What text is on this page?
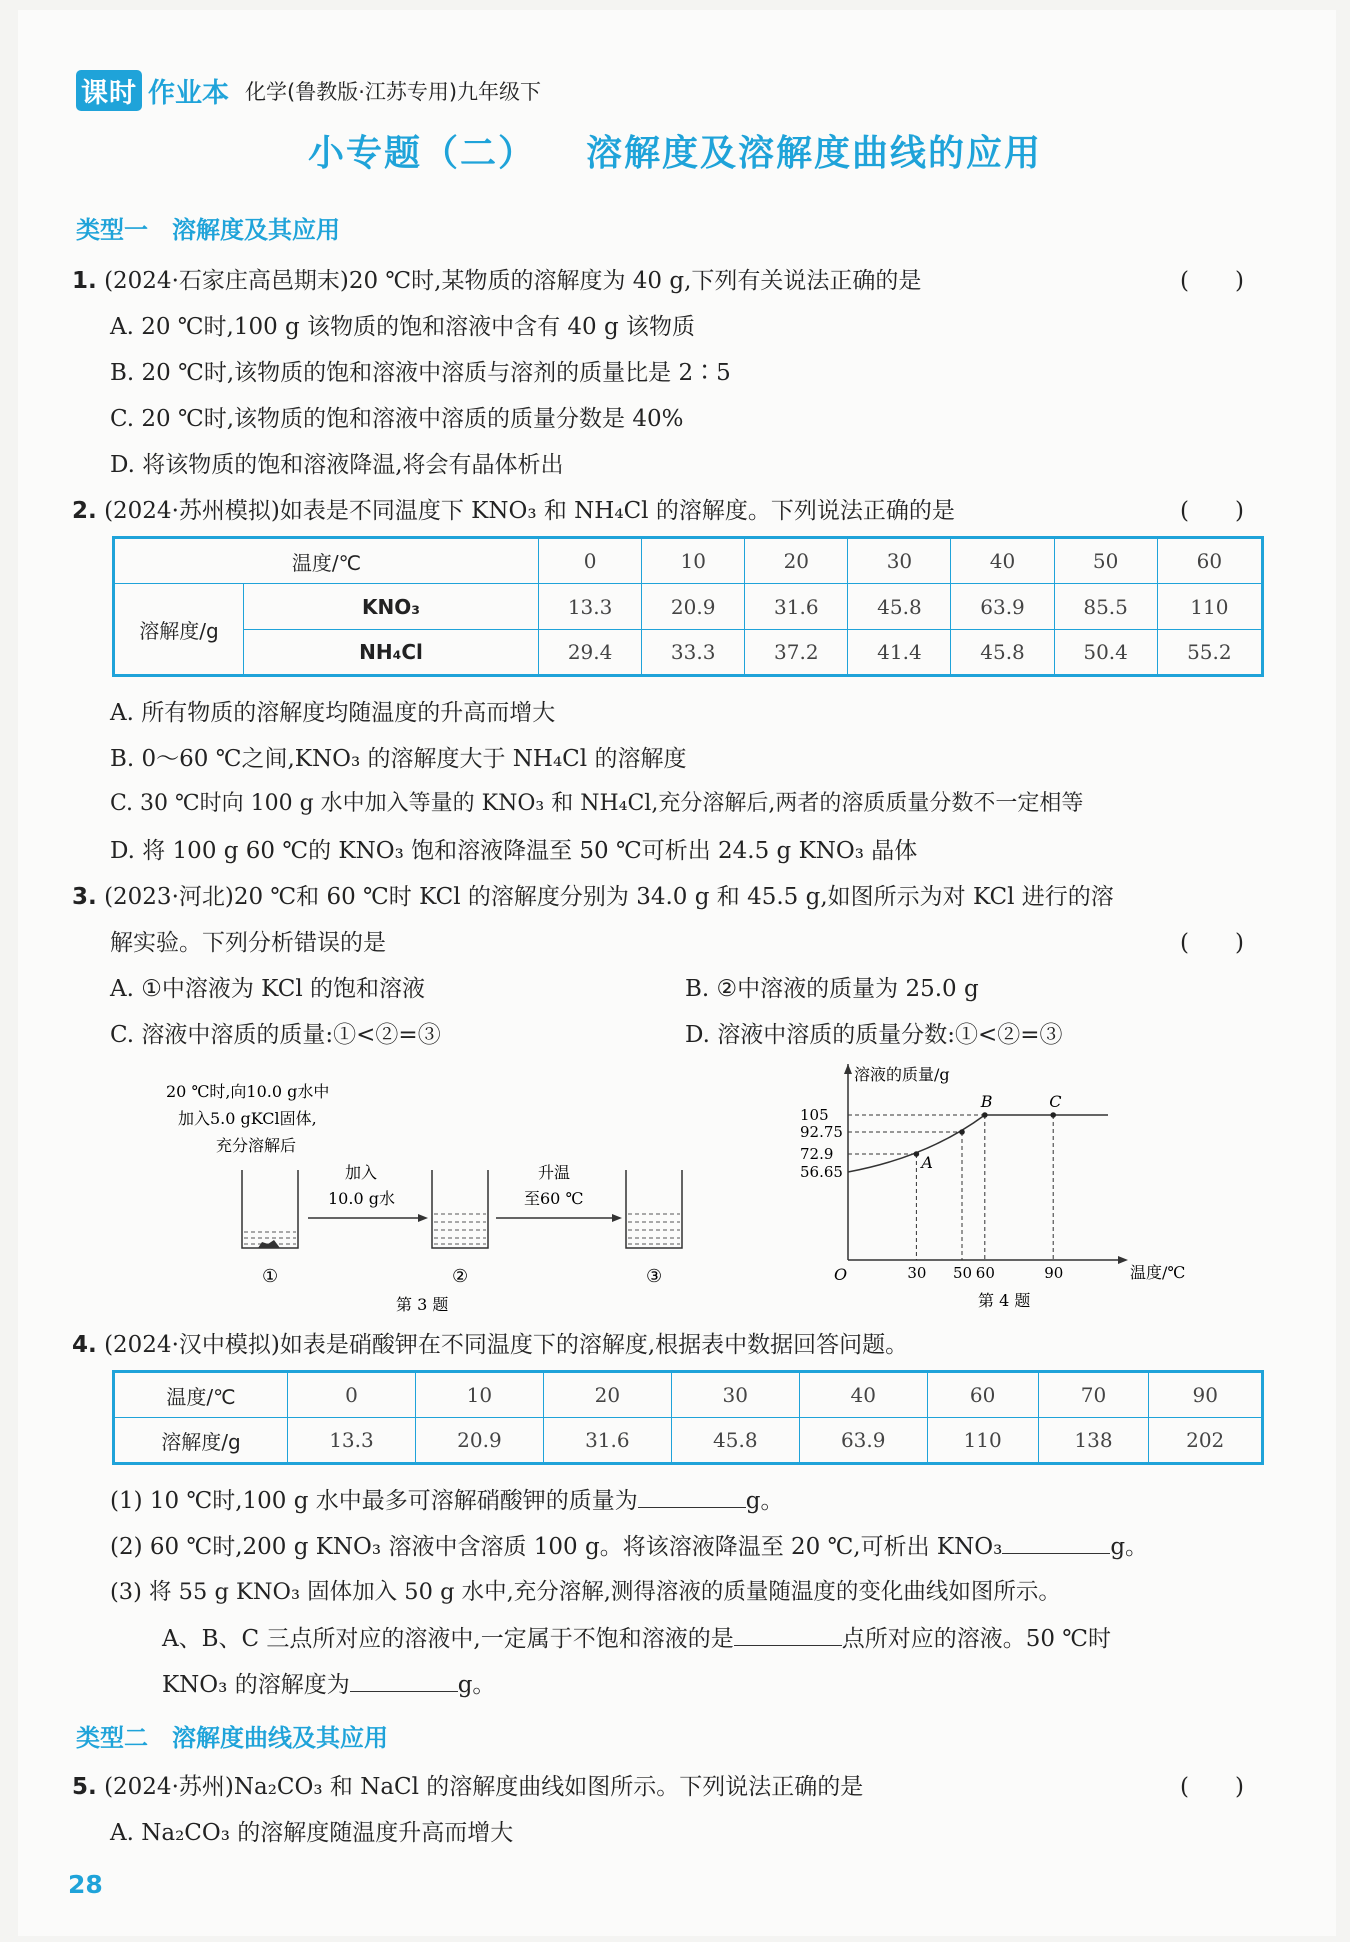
课时 作业本 化学(鲁教版·江苏专用)九年级下
小专题（二） 溶解度及溶解度曲线的应用
类型一　溶解度及其应用
1. (2024·石家庄高邑期末)20 ℃时,某物质的溶解度为 40 g,下列有关说法正确的是	(　　)
A. 20 ℃时,100 g 该物质的饱和溶液中含有 40 g 该物质
B. 20 ℃时,该物质的饱和溶液中溶质与溶剂的质量比是 2∶5
C. 20 ℃时,该物质的饱和溶液中溶质的质量分数是 40%
D. 将该物质的饱和溶液降温,将会有晶体析出
2. (2024·苏州模拟)如表是不同温度下 KNO₃ 和 NH₄Cl 的溶解度。下列说法正确的是	(　　)
温度/℃		0	10	20	30	40	50	60
溶解度/g	KNO₃	13.3	20.9	31.6	45.8	63.9	85.5	110
	NH₄Cl	29.4	33.3	37.2	41.4	45.8	50.4	55.2
A. 所有物质的溶解度均随温度的升高而增大
B. 0～60 ℃之间,KNO₃ 的溶解度大于 NH₄Cl 的溶解度
C. 30 ℃时向 100 g 水中加入等量的 KNO₃ 和 NH₄Cl,充分溶解后,两者的溶质质量分数不一定相等
D. 将 100 g 60 ℃的 KNO₃ 饱和溶液降温至 50 ℃可析出 24.5 g KNO₃ 晶体
3. (2023·河北)20 ℃和 60 ℃时 KCl 的溶解度分别为 34.0 g 和 45.5 g,如图所示为对 KCl 进行的溶
解实验。下列分析错误的是	(　　)
A. ①中溶液为 KCl 的饱和溶液	B. ②中溶液的质量为 25.0 g
C. 溶液中溶质的质量:①<②=③	D. 溶液中溶质的质量分数:①<②=③
20 ℃时,向10.0 g水中
加入5.0 gKCl固体,
充分溶解后
加入
10.0 g水
升温
至60 ℃
①	②	③
第 3 题
溶液的质量/g
温度/℃
O	30 50 60	90
105
92.75
72.9
56.65	A
B	C
第 4 题
4. (2024·汉中模拟)如表是硝酸钾在不同温度下的溶解度,根据表中数据回答问题。
温度/℃	0	10	20	30	40	60	70	90
溶解度/g	13.3	20.9	31.6	45.8	63.9	110	138	202
(1) 10 ℃时,100 g 水中最多可溶解硝酸钾的质量为	g。
(2) 60 ℃时,200 g KNO₃ 溶液中含溶质 100 g。将该溶液降温至 20 ℃,可析出 KNO₃	g。
(3) 将 55 g KNO₃ 固体加入 50 g 水中,充分溶解,测得溶液的质量随温度的变化曲线如图所示。
A、B、C 三点所对应的溶液中,一定属于不饱和溶液的是	点所对应的溶液。50 ℃时
KNO₃ 的溶解度为	g。
类型二　溶解度曲线及其应用
5. (2024·苏州)Na₂CO₃ 和 NaCl 的溶解度曲线如图所示。下列说法正确的是	(　　)
A. Na₂CO₃ 的溶解度随温度升高而增大
28
